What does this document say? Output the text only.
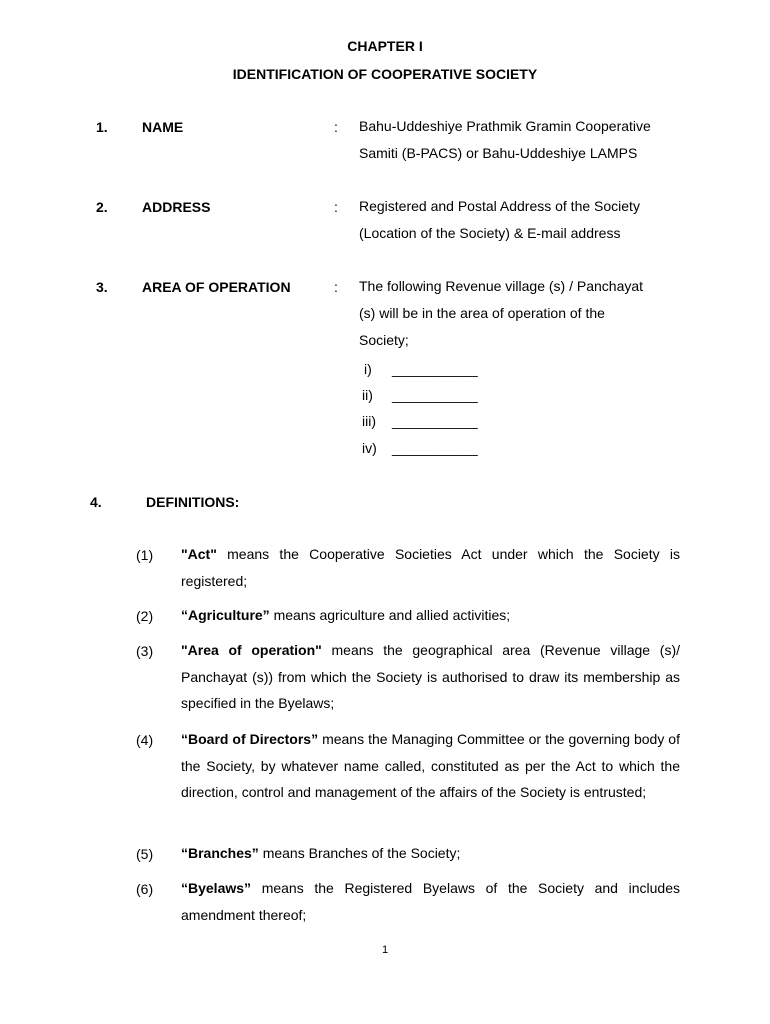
CHAPTER I
IDENTIFICATION OF COOPERATIVE SOCIETY
1. NAME	: Bahu-Uddeshiye Prathmik Gramin Cooperative
Samiti (B-PACS) or Bahu-Uddeshiye LAMPS
2. ADDRESS	: Registered and Postal Address of the Society
(Location of the Society) & E-mail address
3. AREA OF OPERATION	: The following Revenue village (s) / Panchayat
(s) will be in the area of operation of the
Society;
i) ___________
ii) ___________
iii) ___________
iv) ___________
4.	DEFINITIONS:
(1) "Act" means the Cooperative Societies Act under which the Society is registered;
(2) “Agriculture” means agriculture and allied activities;
(3) "Area of operation" means the geographical area (Revenue village (s)/ Panchayat (s)) from which the Society is authorised to draw its membership as specified in the Byelaws;
(4) “Board of Directors” means the Managing Committee or the governing body of the Society, by whatever name called, constituted as per the Act to which the direction, control and management of the affairs of the Society is entrusted;
(5) “Branches” means Branches of the Society;
(6) “Byelaws” means the Registered Byelaws of the Society and includes amendment thereof;
1
